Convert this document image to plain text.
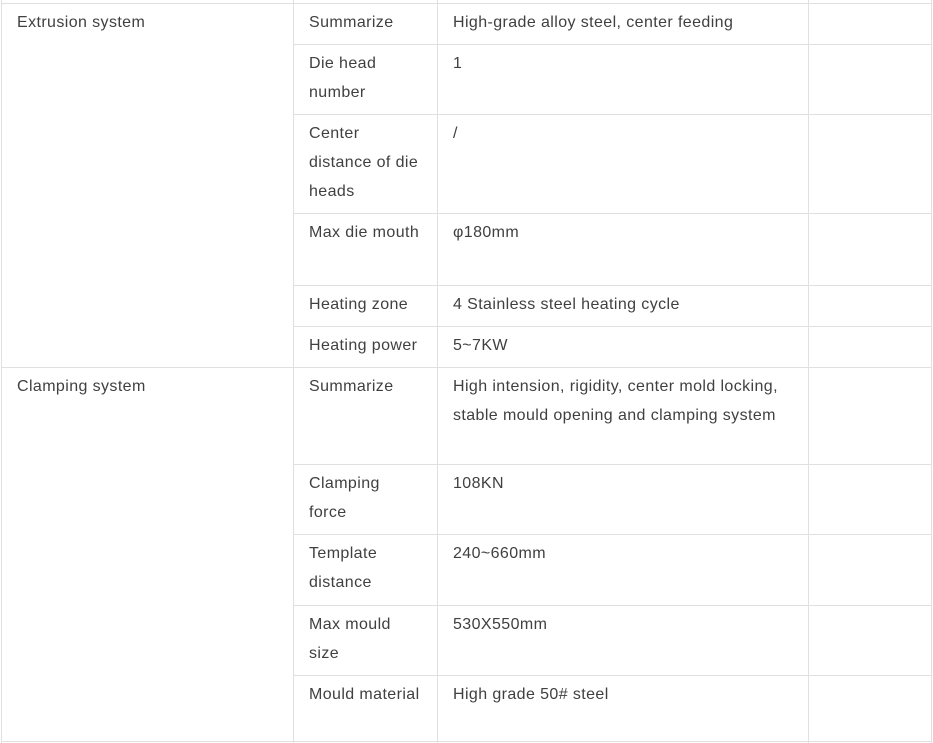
Extrusion system	Summarize	High-grade alloy steel, center feeding	
	Die head number	1	
	Center distance of die heads	/	
	Max die mouth	φ180mm	
	Heating zone	4 Stainless steel heating cycle	
	Heating power	5~7KW	
Clamping system	Summarize	High intension, rigidity, center mold locking, stable mould opening and clamping system	
	Clamping force	108KN	
	Template distance	240~660mm	
	Max mould size	530X550mm	
	Mould material	High grade 50# steel	
